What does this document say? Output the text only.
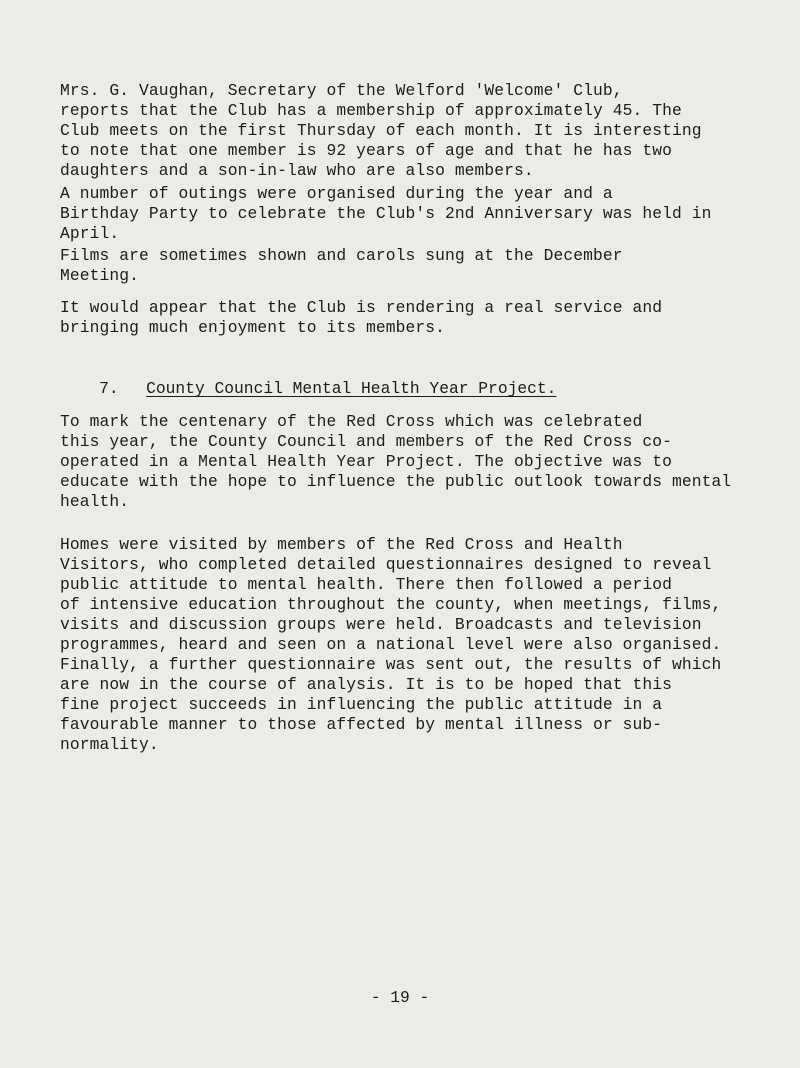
Mrs. G. Vaughan, Secretary of the Welford 'Welcome' Club,
reports that the Club has a membership of approximately 45. The
Club meets on the first Thursday of each month. It is interesting
to note that one member is 92 years of age and that he has two
daughters and a son-in-law who are also members.
A number of outings were organised during the year and a
Birthday Party to celebrate the Club's 2nd Anniversary was held in
April.
Films are sometimes shown and carols sung at the December
Meeting.
It would appear that the Club is rendering a real service and
bringing much enjoyment to its members.

7. County Council Mental Health Year Project.

To mark the centenary of the Red Cross which was celebrated
this year, the County Council and members of the Red Cross co-
operated in a Mental Health Year Project. The objective was to
educate with the hope to influence the public outlook towards mental
health.
Homes were visited by members of the Red Cross and Health
Visitors, who completed detailed questionnaires designed to reveal
public attitude to mental health. There then followed a period
of intensive education throughout the county, when meetings, films,
visits and discussion groups were held. Broadcasts and television
programmes, heard and seen on a national level were also organised.
Finally, a further questionnaire was sent out, the results of which
are now in the course of analysis. It is to be hoped that this
fine project succeeds in influencing the public attitude in a
favourable manner to those affected by mental illness or sub-
normality.
- 19 -
